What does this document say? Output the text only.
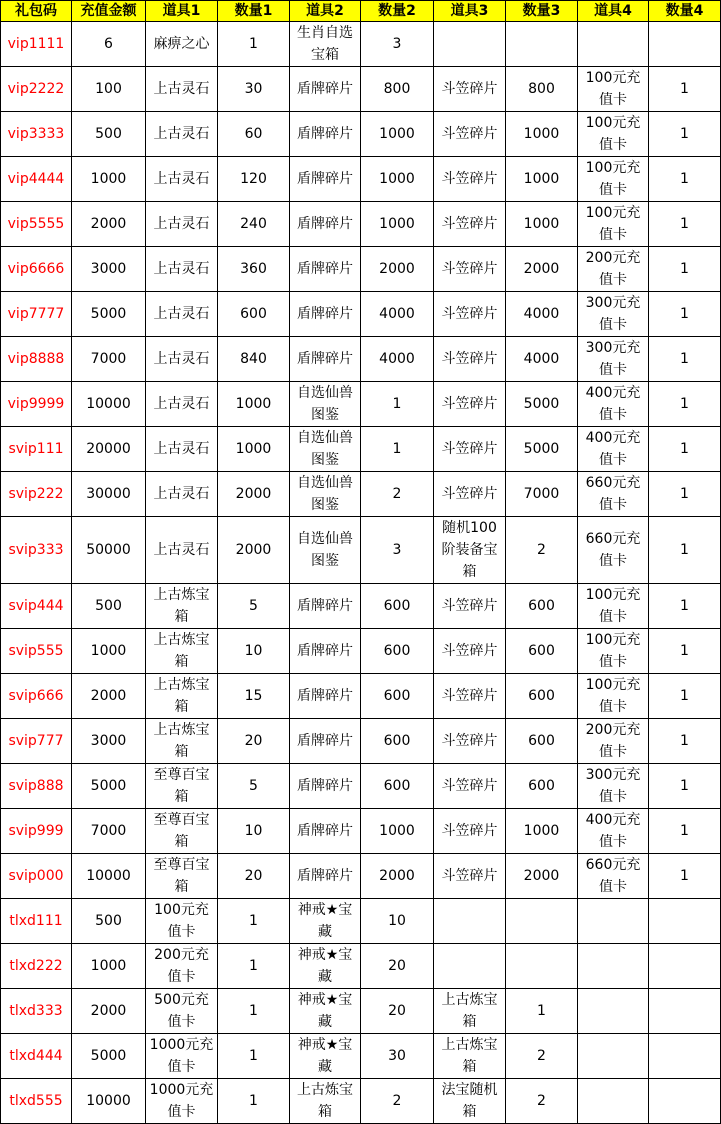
礼包码	充值金额	道具1	数量1	道具2	数量2	道具3	数量3	道具4	数量4
vip1111	6	麻痹之心	1	生肖自选宝箱	3				
vip2222	100	上古灵石	30	盾牌碎片	800	斗笠碎片	800	100元充值卡	1
vip3333	500	上古灵石	60	盾牌碎片	1000	斗笠碎片	1000	100元充值卡	1
vip4444	1000	上古灵石	120	盾牌碎片	1000	斗笠碎片	1000	100元充值卡	1
vip5555	2000	上古灵石	240	盾牌碎片	1000	斗笠碎片	1000	100元充值卡	1
vip6666	3000	上古灵石	360	盾牌碎片	2000	斗笠碎片	2000	200元充值卡	1
vip7777	5000	上古灵石	600	盾牌碎片	4000	斗笠碎片	4000	300元充值卡	1
vip8888	7000	上古灵石	840	盾牌碎片	4000	斗笠碎片	4000	300元充值卡	1
vip9999	10000	上古灵石	1000	自选仙兽图鉴	1	斗笠碎片	5000	400元充值卡	1
svip111	20000	上古灵石	1000	自选仙兽图鉴	1	斗笠碎片	5000	400元充值卡	1
svip222	30000	上古灵石	2000	自选仙兽图鉴	2	斗笠碎片	7000	660元充值卡	1
svip333	50000	上古灵石	2000	自选仙兽图鉴	3	随机100阶装备宝箱	2	660元充值卡	1
svip444	500	上古炼宝箱	5	盾牌碎片	600	斗笠碎片	600	100元充值卡	1
svip555	1000	上古炼宝箱	10	盾牌碎片	600	斗笠碎片	600	100元充值卡	1
svip666	2000	上古炼宝箱	15	盾牌碎片	600	斗笠碎片	600	100元充值卡	1
svip777	3000	上古炼宝箱	20	盾牌碎片	600	斗笠碎片	600	200元充值卡	1
svip888	5000	至尊百宝箱	5	盾牌碎片	600	斗笠碎片	600	300元充值卡	1
svip999	7000	至尊百宝箱	10	盾牌碎片	1000	斗笠碎片	1000	400元充值卡	1
svip000	10000	至尊百宝箱	20	盾牌碎片	2000	斗笠碎片	2000	660元充值卡	1
tlxd111	500	100元充值卡	1	神戒★宝藏	10				
tlxd222	1000	200元充值卡	1	神戒★宝藏	20				
tlxd333	2000	500元充值卡	1	神戒★宝藏	20	上古炼宝箱	1		
tlxd444	5000	1000元充值卡	1	神戒★宝藏	30	上古炼宝箱	2		
tlxd555	10000	1000元充值卡	1	上古炼宝箱	2	法宝随机箱	2		
